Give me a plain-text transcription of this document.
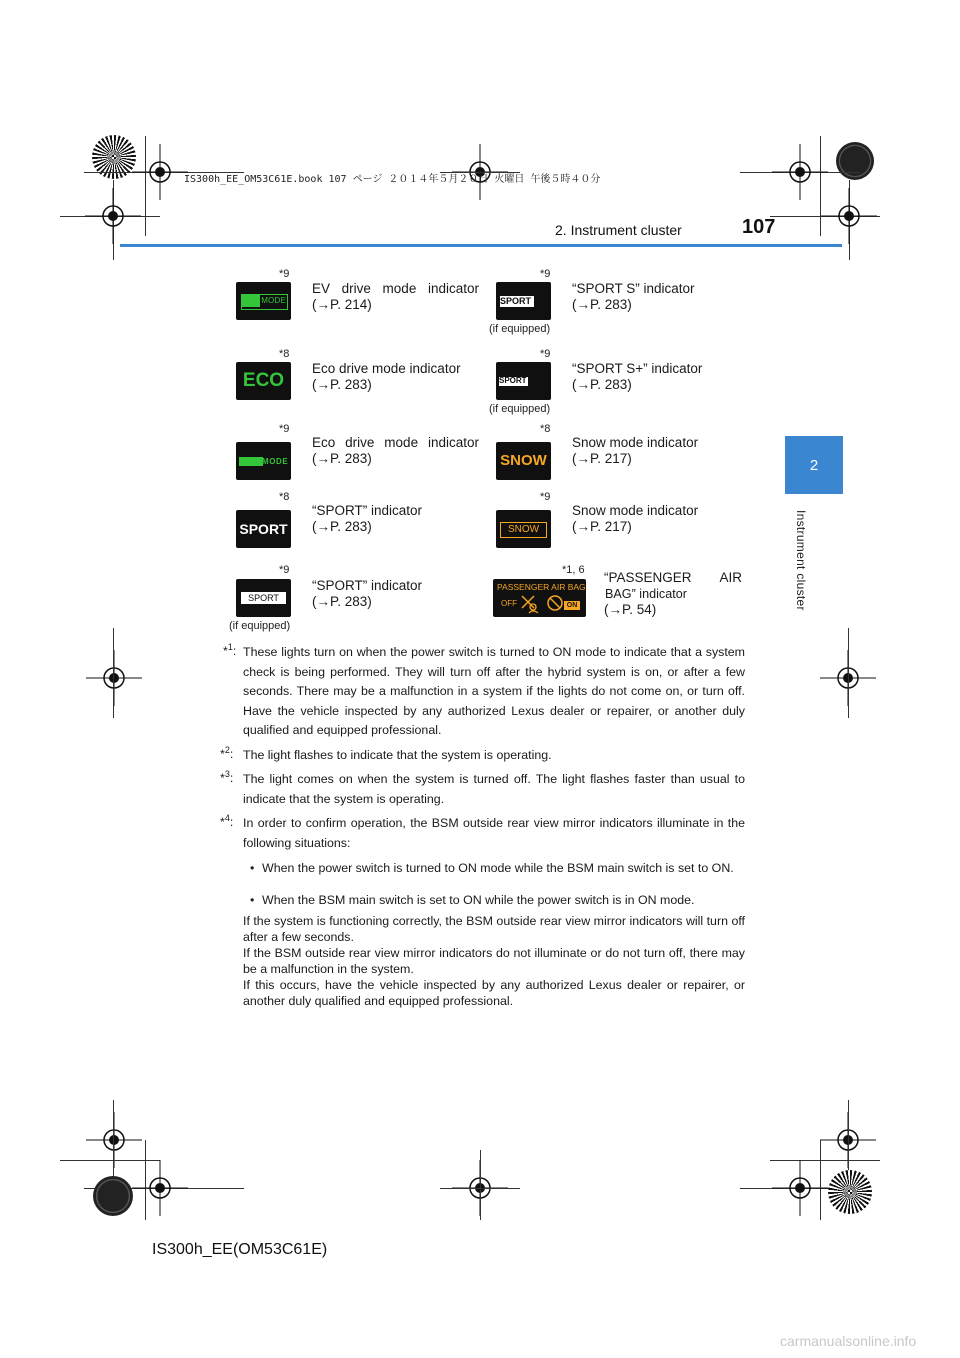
IS300h_EE_OM53C61E.book 107 ページ ２０１４年５月２０日 火曜日 午後５時４０分
2. Instrument cluster	107
2
Instrument cluster
*9
EV MODE
EV drive mode indicator
(→P. 214)
*9
SPORT S
(if equipped)
“SPORT S” indicator
(→P. 283)
*8
ECO
Eco drive mode indicator
(→P. 283)
*9
SPORT S+
(if equipped)
“SPORT S+” indicator
(→P. 283)
*9
ECO MODE
Eco drive mode indicator
(→P. 283)
*8
SNOW
Snow mode indicator
(→P. 217)
*8
SPORT
“SPORT” indicator
(→P. 283)
*9
SNOW
Snow mode indicator
(→P. 217)
*9
SPORT
(if equipped)
“SPORT” indicator
(→P. 283)
*1, 6
PASSENGER AIR BAG
OFF	ON
“PASSENGER AIR
BAG” indicator
(→P. 54)
*$^1$: These lights turn on when the power switch is turned to ON mode to indicate that a system check is being performed. They will turn off after the hybrid system is on, or after a few seconds. There may be a malfunction in a system if the lights do not come on, or turn off. Have the vehicle inspected by any authorized Lexus dealer or repairer, or another duly qualified and equipped professional.
*$^2$: The light flashes to indicate that the system is operating.
*$^3$: The light comes on when the system is turned off. The light flashes faster than usual to indicate that the system is operating.
*$^4$: In order to confirm operation, the BSM outside rear view mirror indicators illuminate in the following situations:
• When the power switch is turned to ON mode while the BSM main switch is set to ON.
• When the BSM main switch is set to ON while the power switch is in ON mode.
If the system is functioning correctly, the BSM outside rear view mirror indicators will turn off after a few seconds.
If the BSM outside rear view mirror indicators do not illuminate or do not turn off, there may be a malfunction in the system.
If this occurs, have the vehicle inspected by any authorized Lexus dealer or repairer, or another duly qualified and equipped professional.
IS300h_EE(OM53C61E)
carmanualsonline.info
